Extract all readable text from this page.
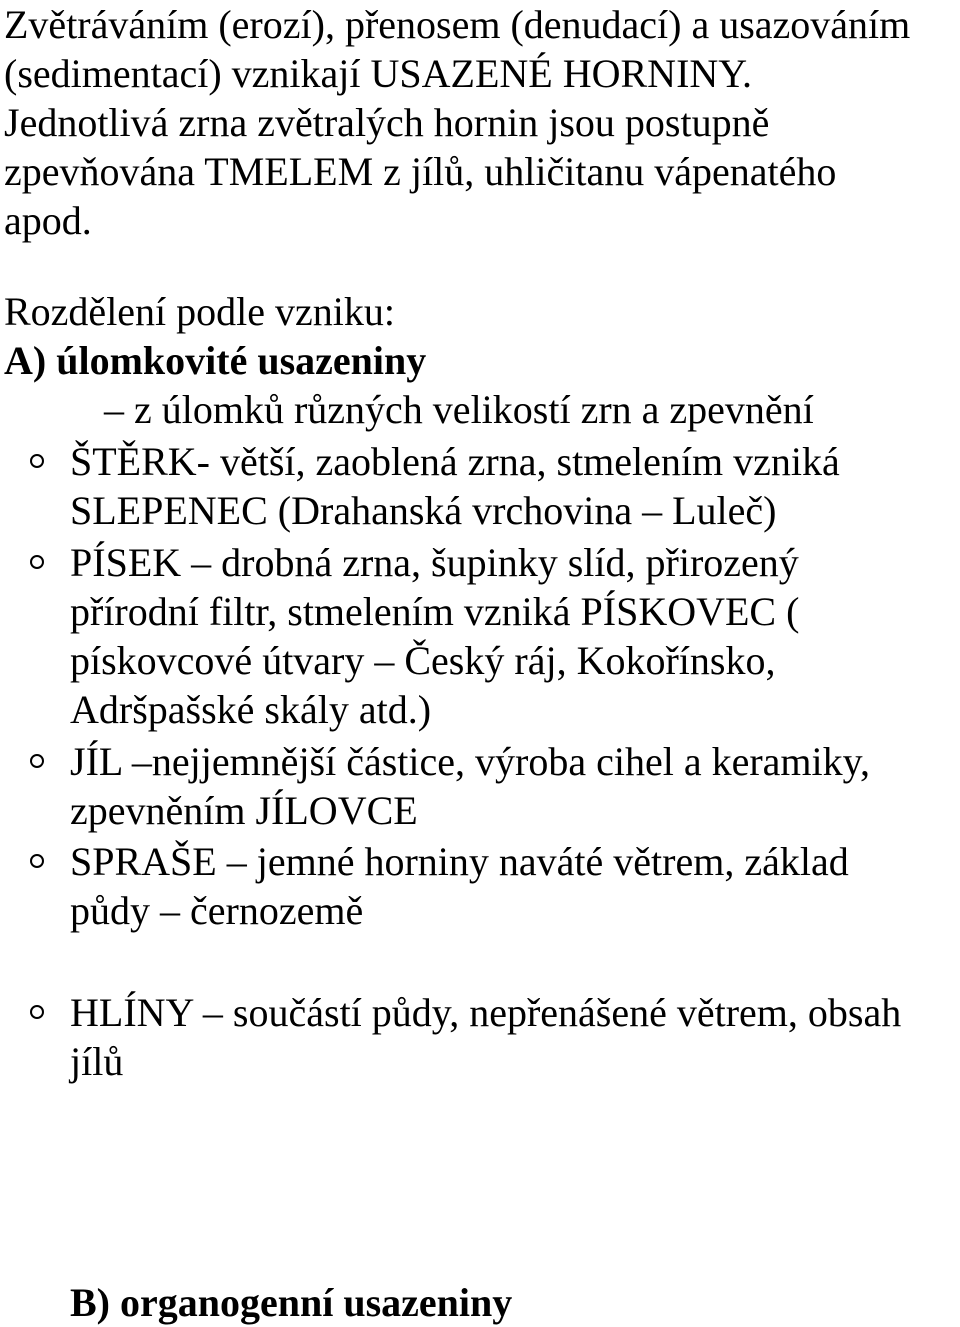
Zvětráváním (erozí), přenosem (denudací) a usazováním
(sedimentací) vznikají USAZENÉ HORNINY.
Jednotlivá zrna zvětralých hornin jsou postupně
zpevňována TMELEM z jílů, uhličitanu vápenatého
apod.
Rozdělení podle vzniku:
A) úlomkovité usazeniny
– z úlomků různých velikostí zrn a zpevnění
ŠTĚRK- větší, zaoblená zrna, stmelením vzniká
SLEPENEC (Drahanská vrchovina – Luleč)
PÍSEK – drobná zrna, šupinky slíd, přirozený
přírodní filtr, stmelením vzniká PÍSKOVEC (
pískovcové útvary – Český ráj, Kokořínsko,
Adršpašské skály atd.)
JÍL –nejjemnější částice, výroba cihel a keramiky,
zpevněním JÍLOVCE
SPRAŠE – jemné horniny naváté větrem, základ
půdy – černozemě
HLÍNY – součástí půdy, nepřenášené větrem, obsah
jílů
B) organogenní usazeniny
